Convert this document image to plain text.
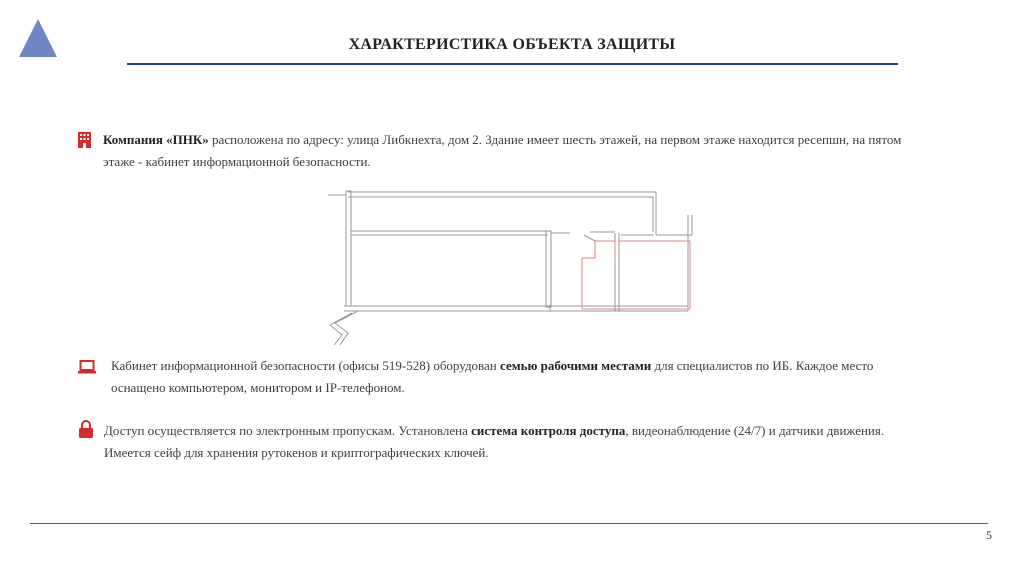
ХАРАКТЕРИСТИКА ОБЪЕКТА ЗАЩИТЫ
Компания «ПНК» расположена по адресу: улица Либкнехта, дом 2. Здание имеет шесть этажей, на первом этаже находится ресепшн, на пятом этаже - кабинет информационной безопасности.
Кабинет информационной безопасности (офисы 519-528) оборудован семью рабочими местами для специалистов по ИБ. Каждое место оснащено компьютером, монитором и IP-телефоном.
Доступ осуществляется по электронным пропускам. Установлена система контроля доступа, видеонаблюдение (24/7) и датчики движения. Имеется сейф для хранения рутокенов и криптографических ключей.
5
